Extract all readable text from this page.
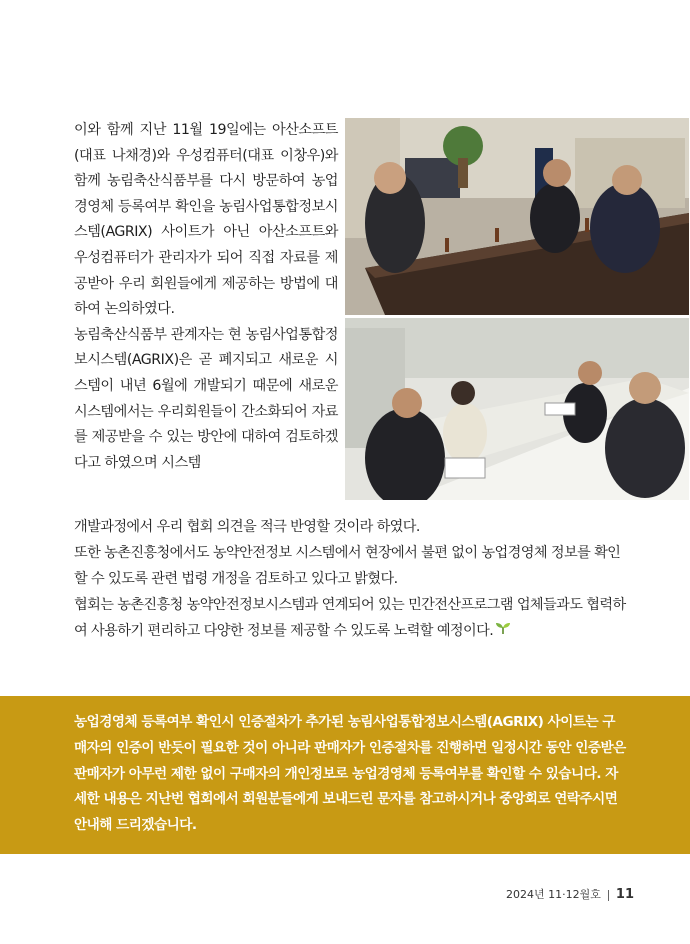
이와 함께 지난 11월 19일에는 아산소프트(대표 나채경)와 우성컴퓨터(대표 이창우)와 함께 농림축산식품부를 다시 방문하여 농업경영체 등록여부 확인을 농림사업통합정보시스템(AGRIX) 사이트가 아닌 아산소프트와 우성컴퓨터가 관리자가 되어 직접 자료를 제공받아 우리 회원들에게 제공하는 방법에 대하여 논의하였다.

농림축산식품부 관계자는 현 농림사업통합정보시스템(AGRIX)은 곧 폐지되고 새로운 시스템이 내년 6월에 개발되기 때문에 새로운 시스템에서는 우리회원들이 간소화되어 자료를 제공받을 수 있는 방안에 대하여 검토하겠다고 하였으며 시스템

개발과정에서 우리 협회 의견을 적극 반영할 것이라 하였다.

또한 농촌진흥청에서도 농약안전정보 시스템에서 현장에서 불편 없이 농업경영체 정보를 확인할 수 있도록 관련 법령 개정을 검토하고 있다고 밝혔다.

협회는 농촌진흥청 농약안전정보시스템과 연계되어 있는 민간전산프로그램 업체들과도 협력하여 사용하기 편리하고 다양한 정보를 제공할 수 있도록 노력할 예정이다.

농업경영체 등록여부 확인시 인증절차가 추가된 농림사업통합정보시스템(AGRIX) 사이트는 구매자의 인증이 반듯이 필요한 것이 아니라 판매자가 인증절차를 진행하면 일정시간 동안 인증받은 판매자가 아무런 제한 없이 구매자의 개인정보로 농업경영체 등록여부를 확인할 수 있습니다. 자세한 내용은 지난번 협회에서 회원분들에게 보내드린 문자를 참고하시거나 중앙회로 연락주시면 안내해 드리겠습니다.
2024년 11·12월호 11
